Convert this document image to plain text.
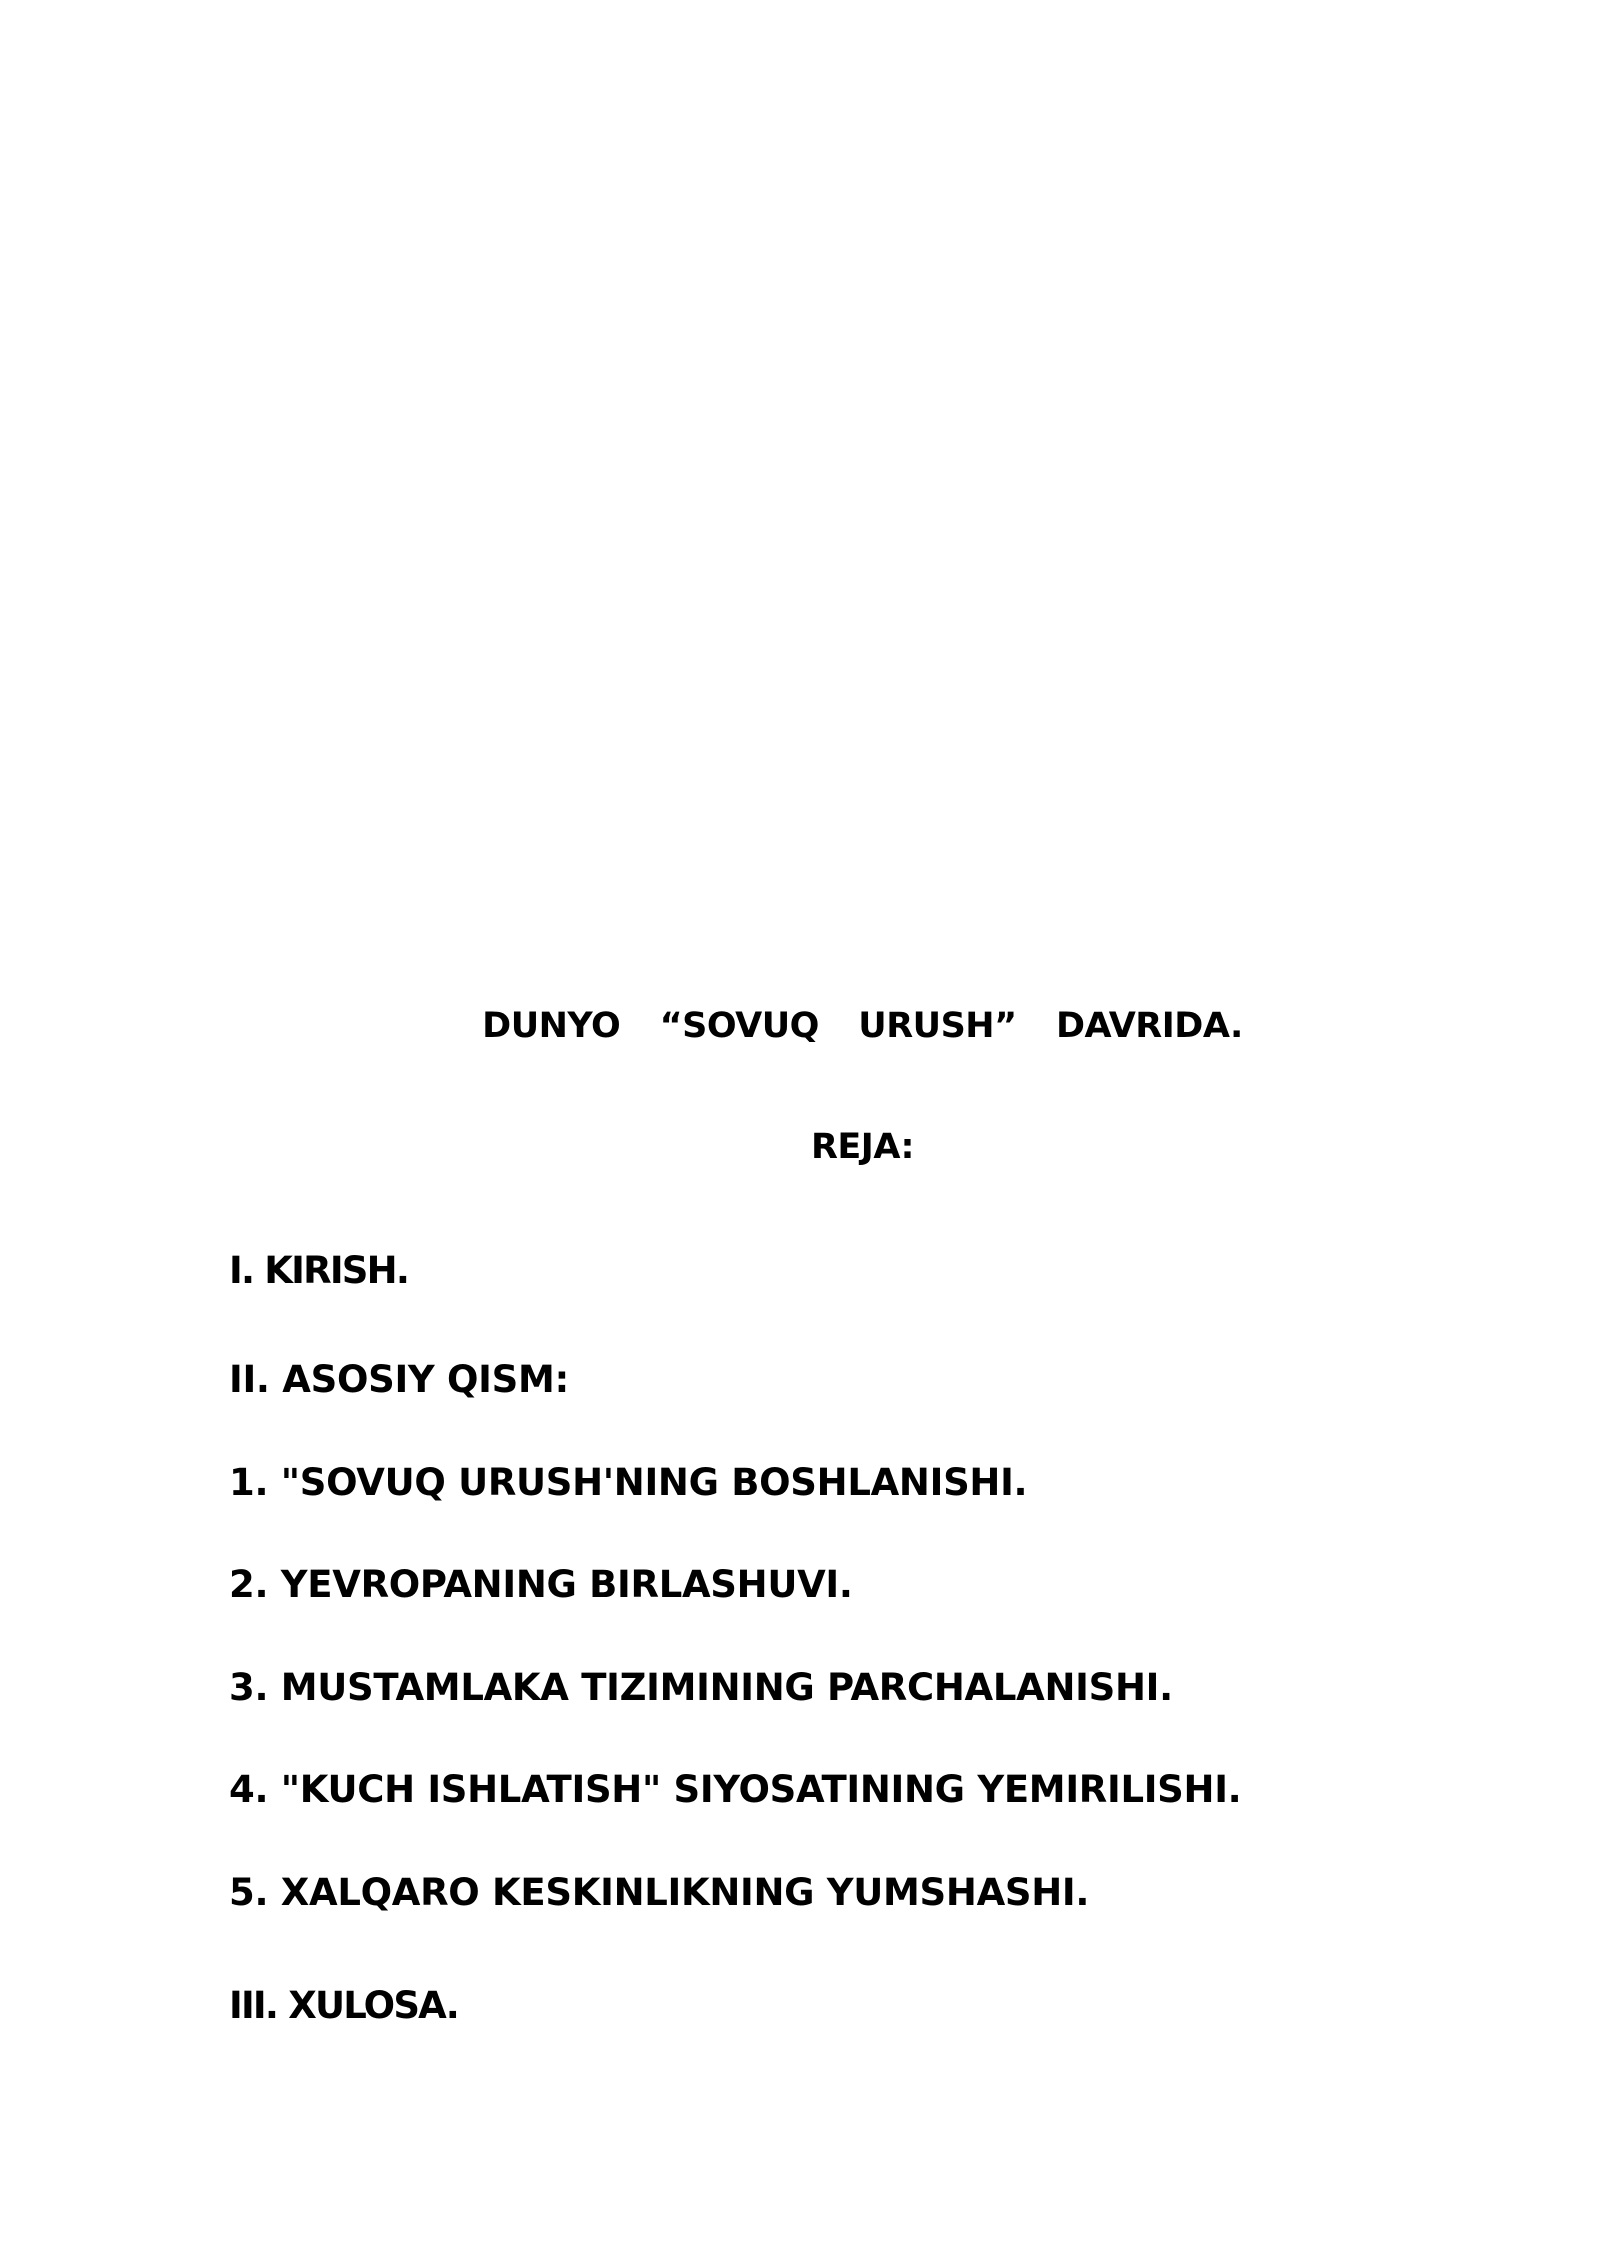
DUNYO  “SOVUQ  URUSH”  DAVRIDA.
REJA:
I. KIRISH.
II. ASOSIY QISM:
1. "SOVUQ URUSH'NING BOSHLANISHI.
2. YEVROPANING BIRLASHUVI.
3. MUSTAMLAKA TIZIMINING PARCHALANISHI.
4. "KUCH ISHLATISH" SIYOSATINING YEMIRILISHI.
5. XALQARO KESKINLIKNING YUMSHASHI.
III. XULOSA.
